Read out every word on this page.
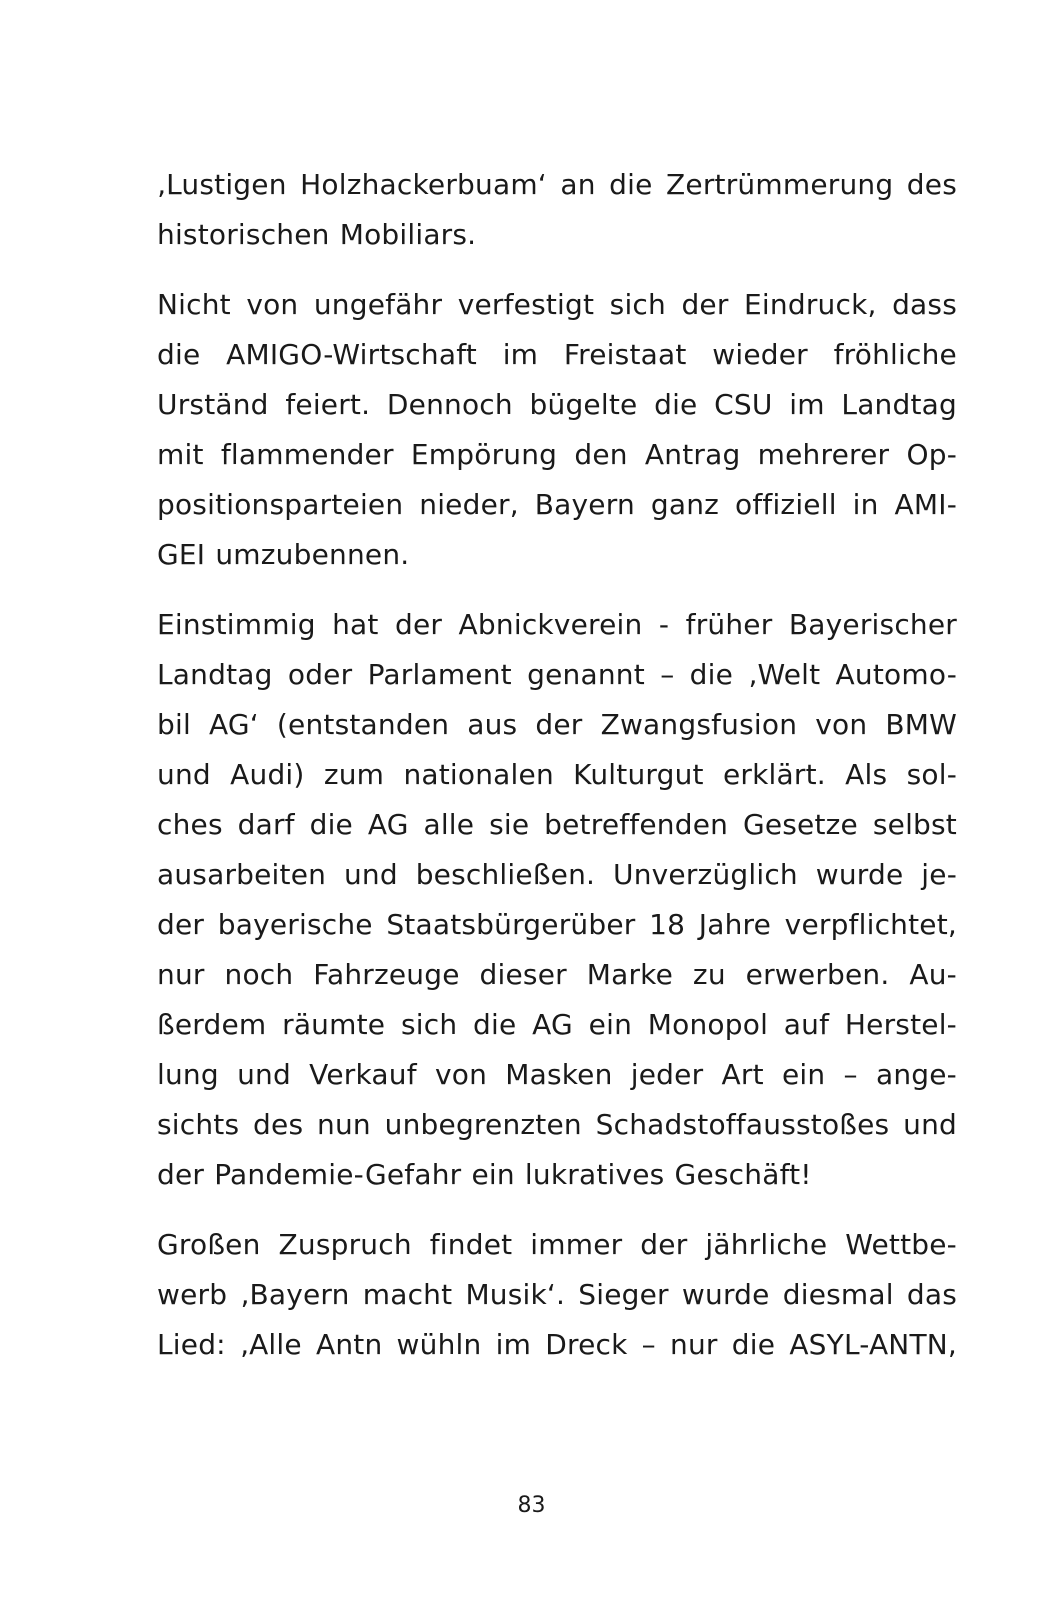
‚Lustigen Holzhackerbuam‘ an die Zertrümmerung des
historischen Mobiliars.

Nicht von ungefähr verfestigt sich der Eindruck, dass
die AMIGO-Wirtschaft im Freistaat wieder fröhliche
Urständ feiert. Dennoch bügelte die CSU im Landtag
mit flammender Empörung den Antrag mehrerer Op-
positionsparteien nieder, Bayern ganz offiziell in AMI-
GEI umzubennen.

Einstimmig hat der Abnickverein - früher Bayerischer
Landtag oder Parlament genannt – die ‚Welt Automo-
bil AG‘ (entstanden aus der Zwangsfusion von BMW
und Audi) zum nationalen Kulturgut erklärt. Als sol-
ches darf die AG alle sie betreffenden Gesetze selbst
ausarbeiten und beschließen. Unverzüglich wurde je-
der bayerische Staatsbürgerüber 18 Jahre verpflichtet,
nur noch Fahrzeuge dieser Marke zu erwerben. Au-
ßerdem räumte sich die AG ein Monopol auf Herstel-
lung und Verkauf von Masken jeder Art ein – ange-
sichts des nun unbegrenzten Schadstoffausstoßes und
der Pandemie-Gefahr ein lukratives Geschäft!

Großen Zuspruch findet immer der jährliche Wettbe-
werb ‚Bayern macht Musik‘. Sieger wurde diesmal das
Lied: ‚Alle Antn wühln im Dreck – nur die ASYL-ANTN,

83
